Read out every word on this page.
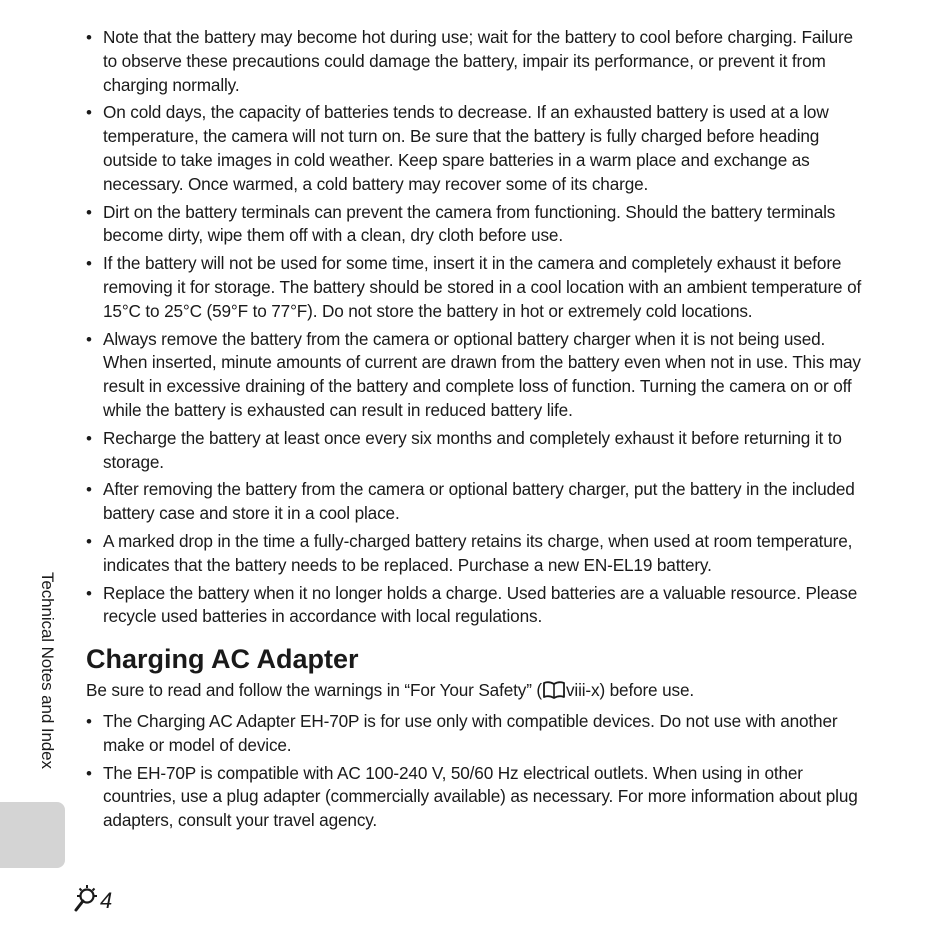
• Note that the battery may become hot during use; wait for the battery to cool before charging. Failure to observe these precautions could damage the battery, impair its performance, or prevent it from charging normally.
• On cold days, the capacity of batteries tends to decrease. If an exhausted battery is used at a low temperature, the camera will not turn on. Be sure that the battery is fully charged before heading outside to take images in cold weather. Keep spare batteries in a warm place and exchange as necessary. Once warmed, a cold battery may recover some of its charge.
• Dirt on the battery terminals can prevent the camera from functioning. Should the battery terminals become dirty, wipe them off with a clean, dry cloth before use.
• If the battery will not be used for some time, insert it in the camera and completely exhaust it before removing it for storage. The battery should be stored in a cool location with an ambient temperature of 15°C to 25°C (59°F to 77°F). Do not store the battery in hot or extremely cold locations.
• Always remove the battery from the camera or optional battery charger when it is not being used. When inserted, minute amounts of current are drawn from the battery even when not in use. This may result in excessive draining of the battery and complete loss of function. Turning the camera on or off while the battery is exhausted can result in reduced battery life.
• Recharge the battery at least once every six months and completely exhaust it before returning it to storage.
• After removing the battery from the camera or optional battery charger, put the battery in the included battery case and store it in a cool place.
• A marked drop in the time a fully-charged battery retains its charge, when used at room temperature, indicates that the battery needs to be replaced. Purchase a new EN-EL19 battery.
• Replace the battery when it no longer holds a charge. Used batteries are a valuable resource. Please recycle used batteries in accordance with local regulations.
Charging AC Adapter

Be sure to read and follow the warnings in “For Your Safety” ( viii-x) before use.

• The Charging AC Adapter EH-70P is for use only with compatible devices. Do not use with another make or model of device.
• The EH-70P is compatible with AC 100-240 V, 50/60 Hz electrical outlets. When using in other countries, use a plug adapter (commercially available) as necessary. For more information about plug adapters, consult your travel agency.
Technical Notes and Index
4
